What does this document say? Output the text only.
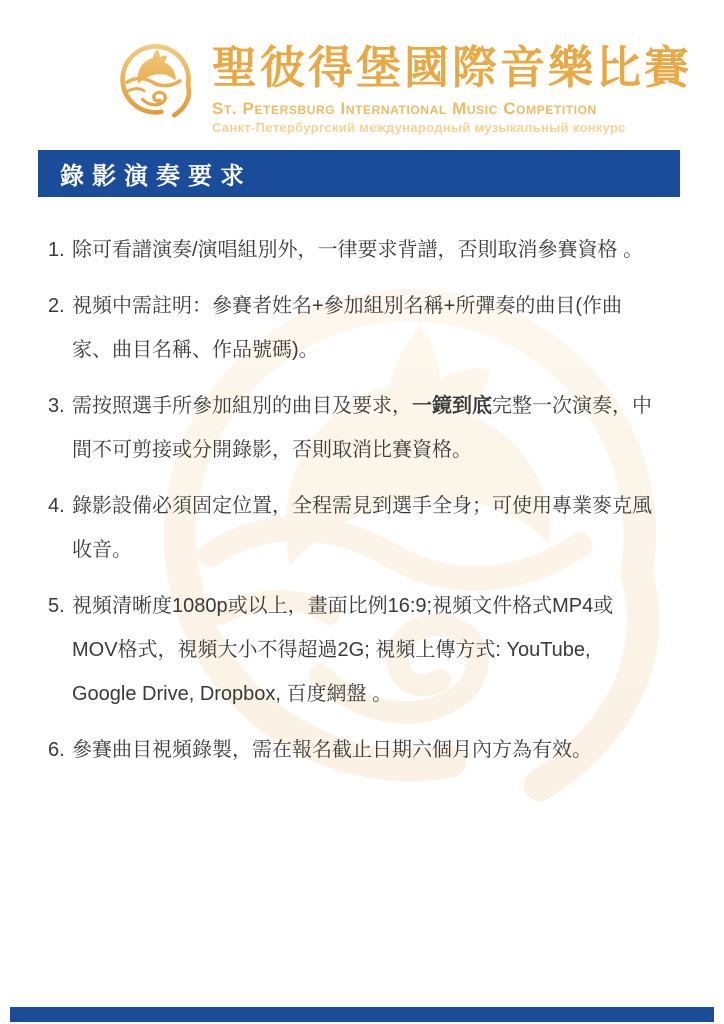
聖彼得堡國際音樂比賽
St. Petersburg International Music Competition
Санкт-Петербургский международный музыкальный конкурс
錄影演奏要求
1. 除可看譜演奏/演唱組別外，一律要求背譜，否則取消參賽資格 。
2. 視頻中需註明：參賽者姓名+參加組別名稱+所彈奏的曲目(作曲
家、曲目名稱、作品號碼)。
3. 需按照選手所參加組別的曲目及要求，一鏡到底完整一次演奏，中
間不可剪接或分開錄影，否則取消比賽資格。
4. 錄影設備必須固定位置，全程需見到選手全身；可使用專業麥克風
收音。
5. 視頻清晰度1080p或以上，畫面比例16:9;視頻文件格式MP4或
MOV格式，視頻大小不得超過2G; 視頻上傳方式: YouTube,
Google Drive, Dropbox, 百度網盤 。
6. 參賽曲目視頻錄製，需在報名截止日期六個月內方為有效。
